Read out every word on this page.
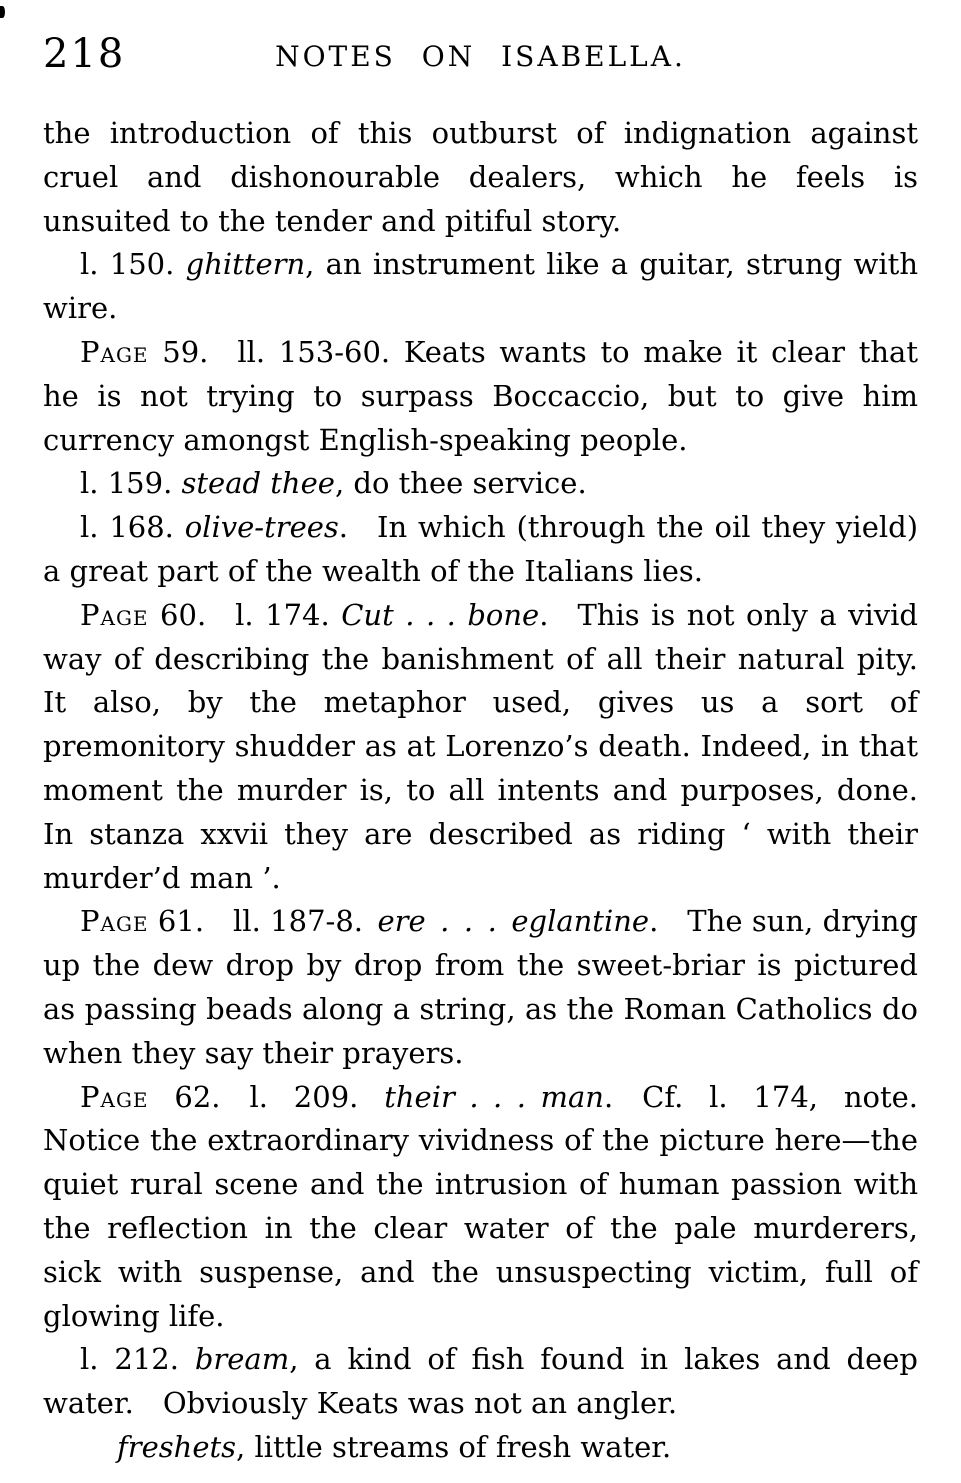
218	NOTES ON ISABELLA.

the introduction of this outburst of indignation against cruel and dishonourable dealers, which he feels is unsuited to the tender and pitiful story.

l. 150. ghittern, an instrument like a guitar, strung with wire.

Page 59. ll. 153-60. Keats wants to make it clear that he is not trying to surpass Boccaccio, but to give him currency amongst English-speaking people.

l. 159. stead thee, do thee service.

l. 168. olive-trees. In which (through the oil they yield) a great part of the wealth of the Italians lies.

Page 60. l. 174. Cut . . . bone. This is not only a vivid way of describing the banishment of all their natural pity. It also, by the metaphor used, gives us a sort of premonitory shudder as at Lorenzo’s death. Indeed, in that moment the murder is, to all intents and purposes, done. In stanza xxvii they are described as riding ‘ with their murder’d man ’.

Page 61. ll. 187-8. ere . . . eglantine. The sun, drying up the dew drop by drop from the sweet-briar is pictured as passing beads along a string, as the Roman Catholics do when they say their prayers.

Page 62. l. 209. their . . . man. Cf. l. 174, note. Notice the extraordinary vividness of the picture here—the quiet rural scene and the intrusion of human passion with the reflection in the clear water of the pale murderers, sick with suspense, and the unsuspecting victim, full of glowing life.

l. 212. bream, a kind of fish found in lakes and deep water. Obviously Keats was not an angler.

freshets, little streams of fresh water.
